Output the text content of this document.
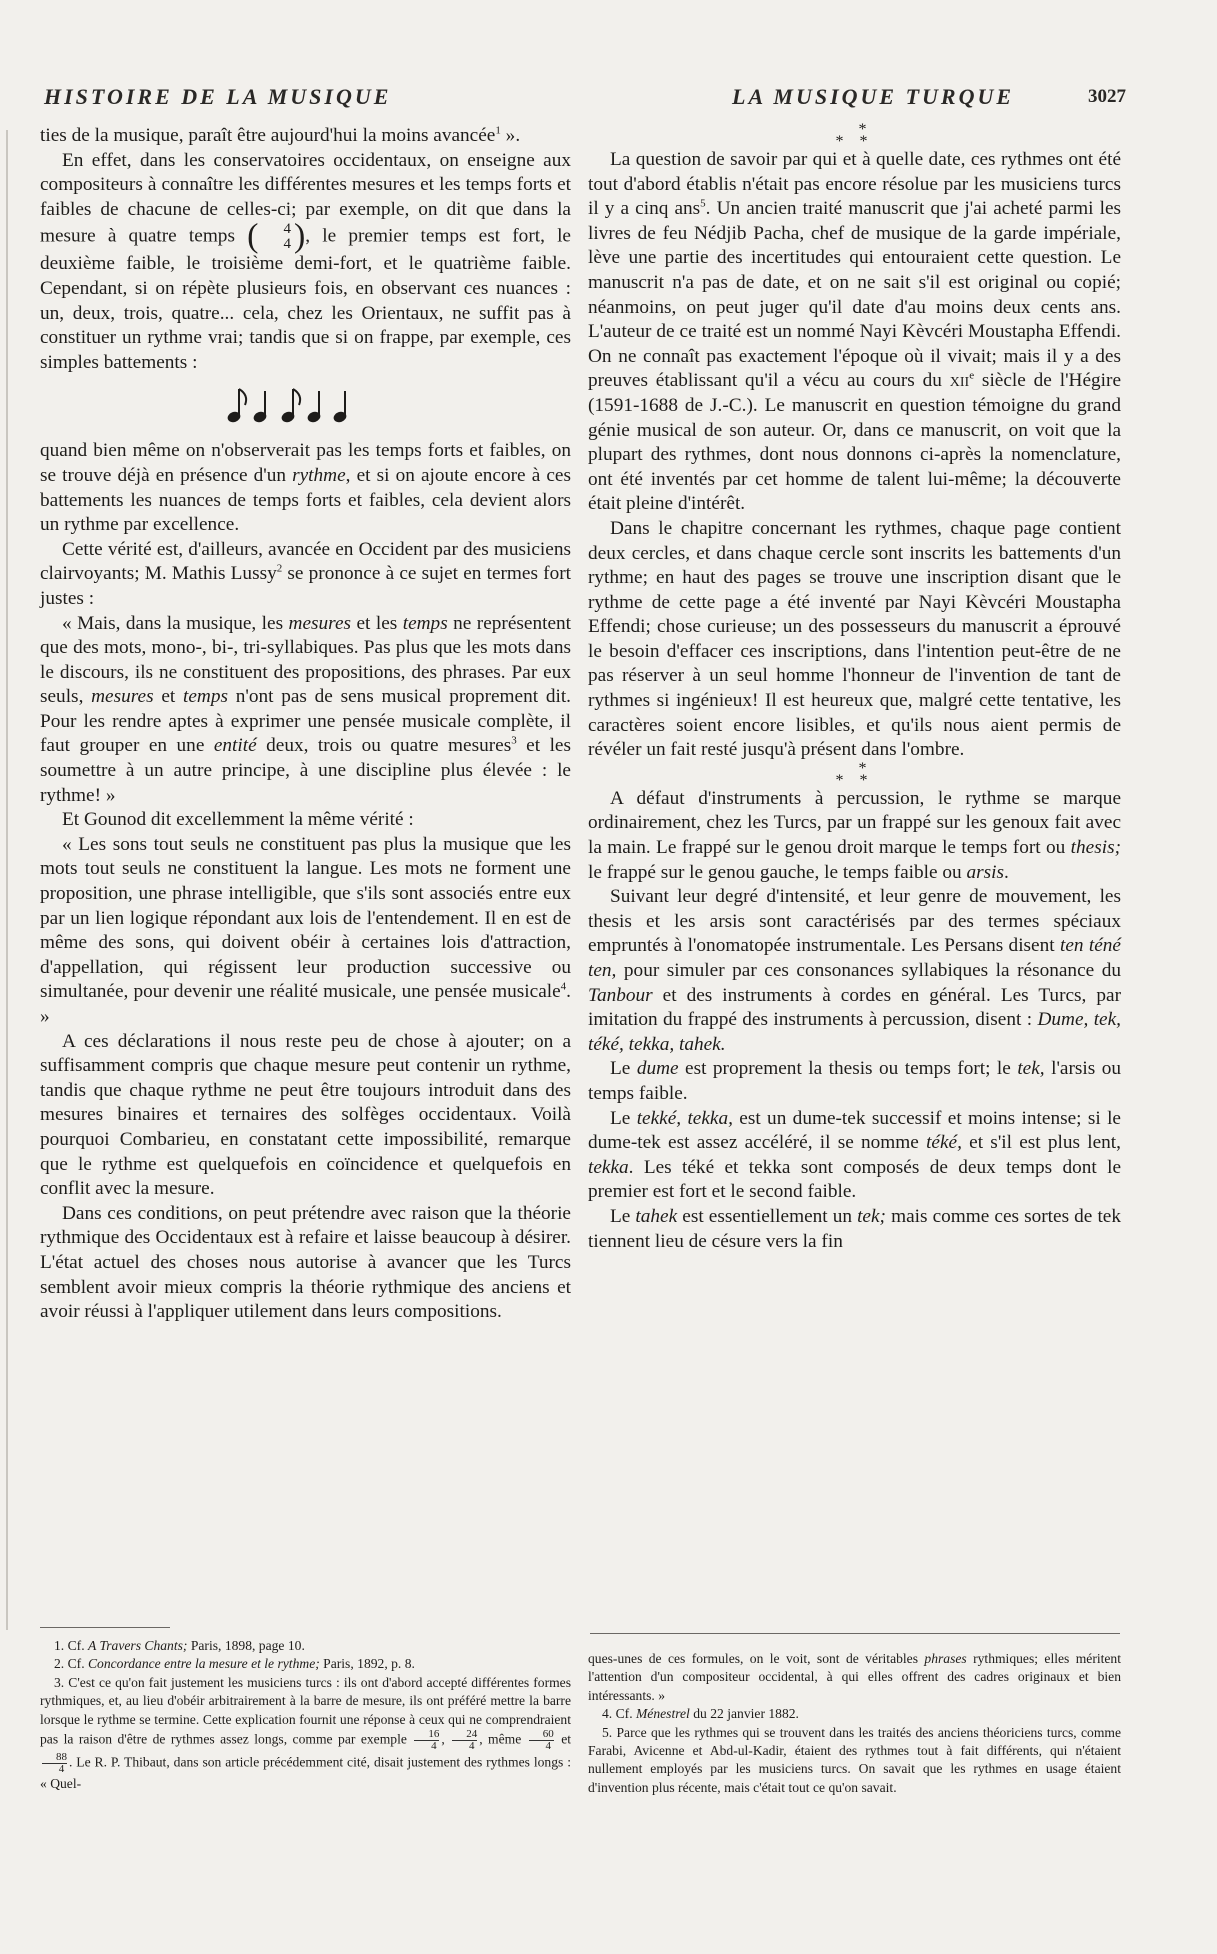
HISTOIRE DE LA MUSIQUE	LA MUSIQUE TURQUE	3027

ties de la musique, paraît être aujourd'hui la moins avancée$^1$ ».

En effet, dans les conservatoires occidentaux, on enseigne aux compositeurs à connaître les différentes mesures et les temps forts et faibles de chacune de celles-ci; par exemple, on dit que dans la mesure à quatre temps (	4
4 ), le premier temps est fort, le deuxième faible, le troisième demi-fort, et le quatrième faible. Cependant, si on répète plusieurs fois, en observant ces nuances : un, deux, trois, quatre... cela, chez les Orientaux, ne suffit pas à constituer un rythme vrai; tandis que si on frappe, par exemple, ces simples battements :

quand bien même on n'observerait pas les temps forts et faibles, on se trouve déjà en présence d'un rythme, et si on ajoute encore à ces battements les nuances de temps forts et faibles, cela devient alors un rythme par excellence.

Cette vérité est, d'ailleurs, avancée en Occident par des musiciens clairvoyants; M. Mathis Lussy$^2$ se prononce à ce sujet en termes fort justes :

« Mais, dans la musique, les mesures et les temps ne représentent que des mots, mono-, bi-, tri-syllabiques. Pas plus que les mots dans le discours, ils ne constituent des propositions, des phrases. Par eux seuls, mesures et temps n'ont pas de sens musical proprement dit. Pour les rendre aptes à exprimer une pensée musicale complète, il faut grouper en une entité deux, trois ou quatre mesures$^3$ et les soumettre à un autre principe, à une discipline plus élevée : le rythme! »

Et Gounod dit excellemment la même vérité :

« Les sons tout seuls ne constituent pas plus la musique que les mots tout seuls ne constituent la langue. Les mots ne forment une proposition, une phrase intelligible, que s'ils sont associés entre eux par un lien logique répondant aux lois de l'entendement. Il en est de même des sons, qui doivent obéir à certaines lois d'attraction, d'appellation, qui régissent leur production successive ou simultanée, pour devenir une réalité musicale, une pensée musicale$^4$. »

A ces déclarations il nous reste peu de chose à ajouter; on a suffisamment compris que chaque mesure peut contenir un rythme, tandis que chaque rythme ne peut être toujours introduit dans des mesures binaires et ternaires des solfèges occidentaux. Voilà pourquoi Combarieu, en constatant cette impossibilité, remarque que le rythme est quelquefois en coïncidence et quelquefois en conflit avec la mesure.

Dans ces conditions, on peut prétendre avec raison que la théorie rythmique des Occidentaux est à refaire et laisse beaucoup à désirer. L'état actuel des choses nous autorise à avancer que les Turcs semblent avoir mieux compris la théorie rythmique des anciens et avoir réussi à l'appliquer utilement dans leurs compositions.

*
* *

La question de savoir par qui et à quelle date, ces rythmes ont été tout d'abord établis n'était pas encore résolue par les musiciens turcs il y a cinq ans$^5$. Un ancien traité manuscrit que j'ai acheté parmi les livres de feu Nédjib Pacha, chef de musique de la garde impériale, lève une partie des incertitudes qui entouraient cette question. Le manuscrit n'a pas de date, et on ne sait s'il est original ou copié; néanmoins, on peut juger qu'il date d'au moins deux cents ans. L'auteur de ce traité est un nommé Nayi Kèvcéri Moustapha Effendi. On ne connaît pas exactement l'époque où il vivait; mais il y a des preuves établissant qu'il a vécu au cours du xii$^e$ siècle de l'Hégire (1591-1688 de J.-C.). Le manuscrit en question témoigne du grand génie musical de son auteur. Or, dans ce manuscrit, on voit que la plupart des rythmes, dont nous donnons ci-après la nomenclature, ont été inventés par cet homme de talent lui-même; la découverte était pleine d'intérêt.

Dans le chapitre concernant les rythmes, chaque page contient deux cercles, et dans chaque cercle sont inscrits les battements d'un rythme; en haut des pages se trouve une inscription disant que le rythme de cette page a été inventé par Nayi Kèvcéri Moustapha Effendi; chose curieuse; un des possesseurs du manuscrit a éprouvé le besoin d'effacer ces inscriptions, dans l'intention peut-être de ne pas réserver à un seul homme l'honneur de l'invention de tant de rythmes si ingénieux! Il est heureux que, malgré cette tentative, les caractères soient encore lisibles, et qu'ils nous aient permis de révéler un fait resté jusqu'à présent dans l'ombre.

*
* *

A défaut d'instruments à percussion, le rythme se marque ordinairement, chez les Turcs, par un frappé sur les genoux fait avec la main. Le frappé sur le genou droit marque le temps fort ou thesis; le frappé sur le genou gauche, le temps faible ou arsis.

Suivant leur degré d'intensité, et leur genre de mouvement, les thesis et les arsis sont caractérisés par des termes spéciaux empruntés à l'onomatopée instrumentale. Les Persans disent ten téné ten, pour simuler par ces consonances syllabiques la résonance du Tanbour et des instruments à cordes en général. Les Turcs, par imitation du frappé des instruments à percussion, disent : Dume, tek, téké, tekka, tahek.

Le dume est proprement la thesis ou temps fort; le tek, l'arsis ou temps faible.

Le tekké, tekka, est un dume-tek successif et moins intense; si le dume-tek est assez accéléré, il se nomme téké, et s'il est plus lent, tekka. Les téké et tekka sont composés de deux temps dont le premier est fort et le second faible.

Le tahek est essentiellement un tek; mais comme ces sortes de tek tiennent lieu de césure vers la fin

1. Cf. A Travers Chants; Paris, 1898, page 10.

2. Cf. Concordance entre la mesure et le rythme; Paris, 1892, p. 8.

3. C'est ce qu'on fait justement les musiciens turcs : ils ont d'abord accepté différentes formes rythmiques, et, au lieu d'obéir arbitrairement à la barre de mesure, ils ont préféré mettre la barre lorsque le rythme se termine. Cette explication fournit une réponse à ceux qui ne comprendraient pas la raison d'être de rythmes assez longs, comme par exemple $\frac{16}{4}$ , $\frac{24}{4}$ , même $\frac{60}{4}$ et
$\frac{88}{4}$ . Le R. P. Thibaut, dans son article précédemment cité, disait justement des rythmes longs : « Quel-

ques-unes de ces formules, on le voit, sont de véritables phrases rythmiques; elles méritent l'attention d'un compositeur occidental, à qui elles offrent des cadres originaux et bien intéressants. »

4. Cf. Ménestrel du 22 janvier 1882.

5. Parce que les rythmes qui se trouvent dans les traités des anciens théoriciens turcs, comme Farabi, Avicenne et Abd-ul-Kadir, étaient des rythmes tout à fait différents, qui n'étaient nullement employés par les musiciens turcs. On savait que les rythmes en usage étaient d'invention plus récente, mais c'était tout ce qu'on savait.
